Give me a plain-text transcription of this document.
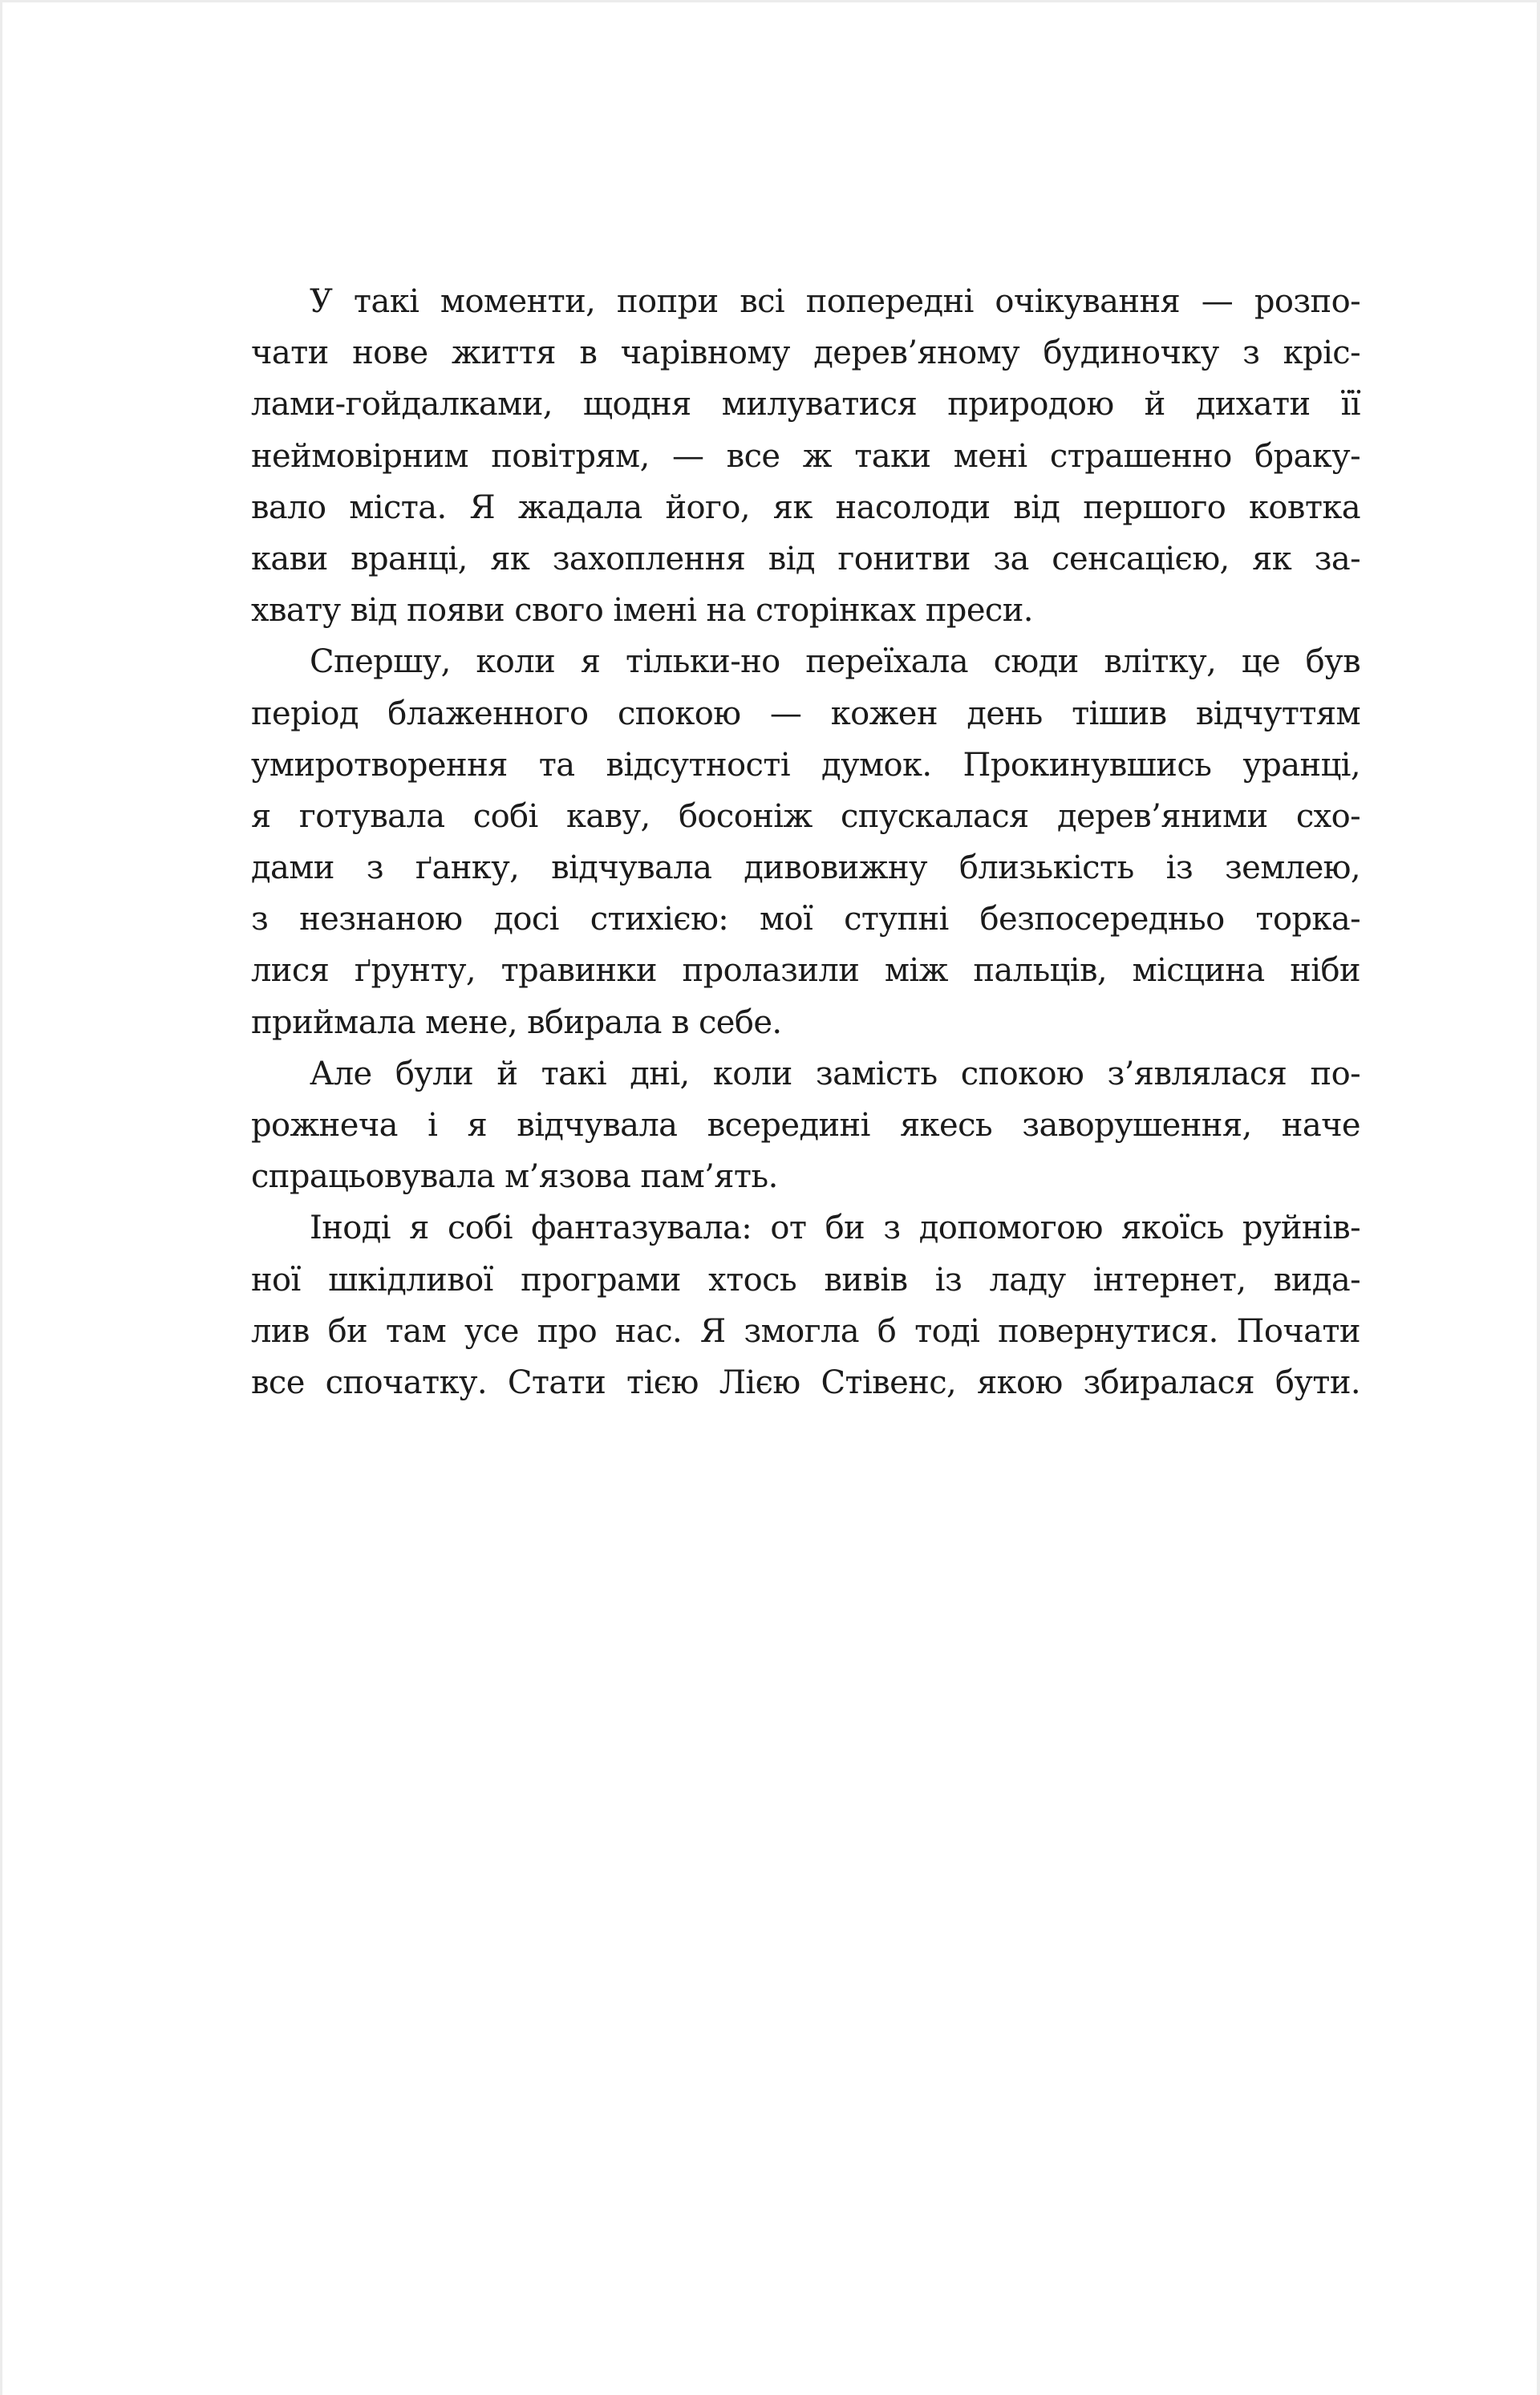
У такі моменти, попри всі попередні очікування — розпо-
чати нове життя в чарівному дерев’яному будиночку з кріс-
лами-гойдалками, щодня милуватися природою й дихати її
неймовірним повітрям, — все ж таки мені страшенно браку-
вало міста. Я жадала його, як насолоди від першого ковтка
кави вранці, як захоплення від гонитви за сенсацією, як за-
хвату від появи свого імені на сторінках преси.

Спершу, коли я тільки-но переїхала сюди влітку, це був
період блаженного спокою — кожен день тішив відчуттям
умиротворення та відсутності думок. Прокинувшись уранці,
я готувала собі каву, босоніж спускалася дерев’яними схо-
дами з ґанку, відчувала дивовижну близькість із землею,
з незнаною досі стихією: мої ступні безпосередньо торка-
лися ґрунту, травинки пролазили між пальців, місцина ніби
приймала мене, вбирала в себе.

Але були й такі дні, коли замість спокою з’являлася по-
рожнеча і я відчувала всередині якесь заворушення, наче
спрацьовувала м’язова пам’ять.

Іноді я собі фантазувала: от би з допомогою якоїсь руйнів-
ної шкідливої програми хтось вивів із ладу інтернет, вида-
лив би там усе про нас. Я змогла б тоді повернутися. Почати
все спочатку. Стати тією Лією Стівенс, якою збиралася бути.
